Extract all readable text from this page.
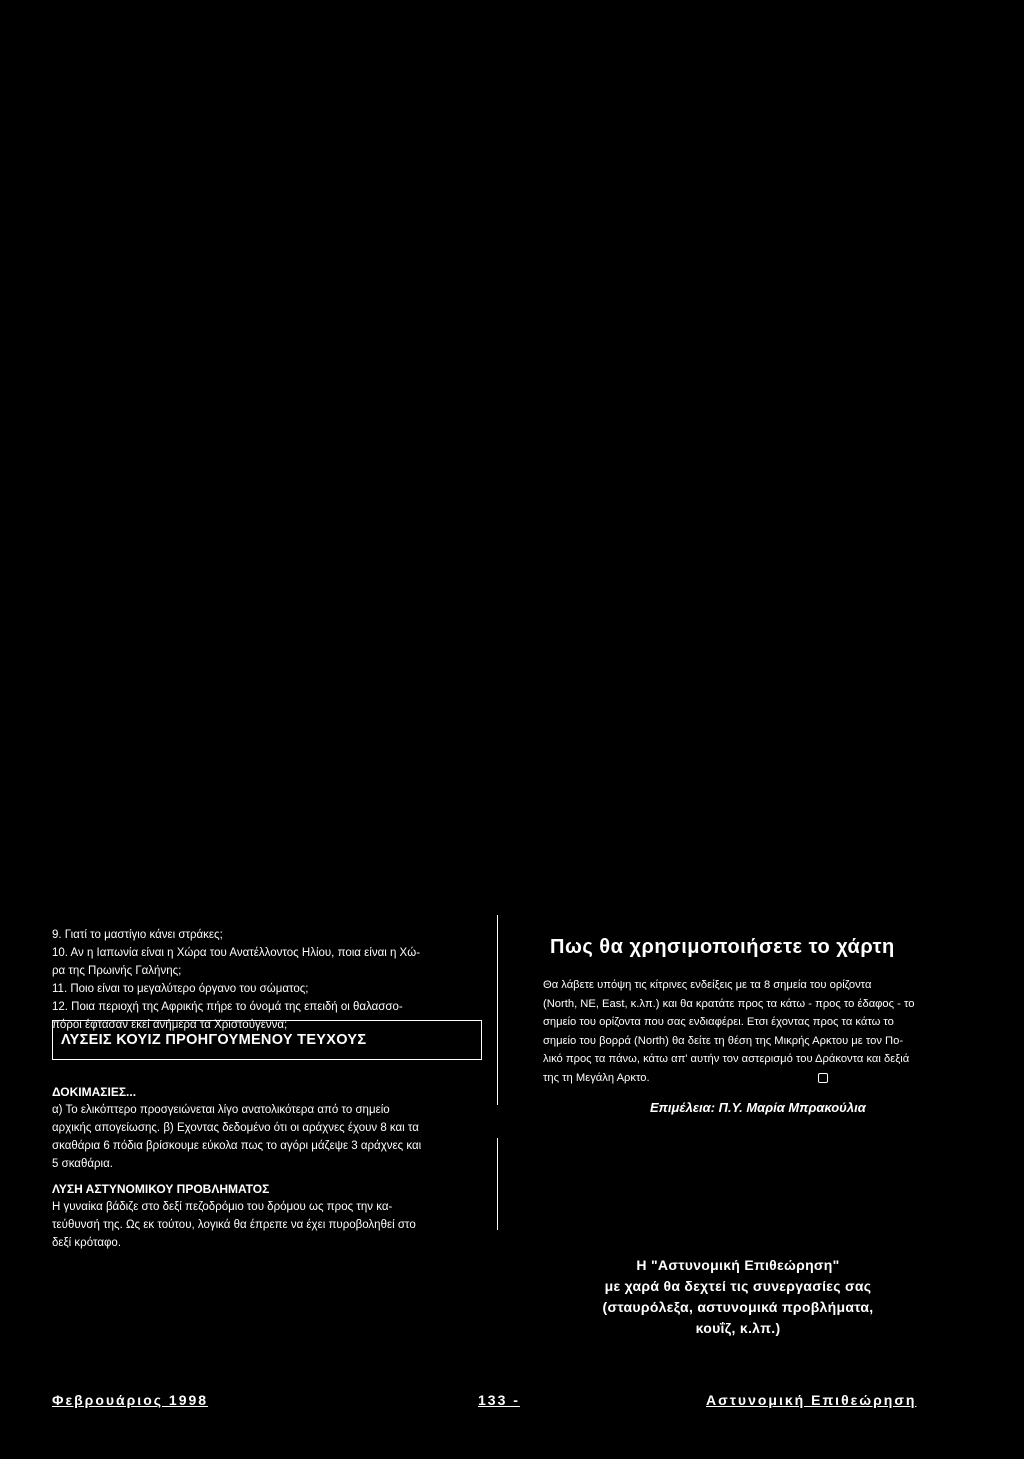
9. Γιατί το μαστίγιο κάνει στράκες;

10. Αν η Ιαπωνία είναι η Χώρα του Ανατέλλοντος Ηλίου, ποια είναι η Χώ-

ρα της Πρωινής Γαλήνης;

11. Ποιο είναι το μεγαλύτερο όργανο του σώματος;

12. Ποια περιοχή της Αφρικής πήρε το όνομά της επειδή οι θαλασσο-

πόροι έφτασαν εκεί ανήμερα τα Χριστούγεννα;

ΛΥΣΕΙΣ ΚΟΥΙΖ ΠΡΟΗΓΟΥΜΕΝΟΥ ΤΕΥΧΟΥΣ

ΔΟΚΙΜΑΣΙΕΣ...

α) Το ελικόπτερο προσγειώνεται λίγο ανατολικότερα από το σημείο

αρχικής απογείωσης. β) Εχοντας δεδομένο ότι οι αράχνες έχουν 8 και τα

σκαθάρια 6 πόδια βρίσκουμε εύκολα πως το αγόρι μάζεψε 3 αράχνες και

5 σκαθάρια.

ΛΥΣΗ ΑΣΤΥΝΟΜΙΚΟΥ ΠΡΟΒΛΗΜΑΤΟΣ

Η γυναίκα βάδιζε στο δεξί πεζοδρόμιο του δρόμου ως προς την κα-

τεύθυνσή της. Ως εκ τούτου, λογικά θα έπρεπε να έχει πυροβοληθεί στο

δεξί κρόταφο.

Πως θα χρησιμοποιήσετε το χάρτη

Θα λάβετε υπόψη τις κίτρινες ενδείξεις με τα 8 σημεία του ορίζοντα

(North, NE, East, κ.λπ.) και θα κρατάτε προς τα κάτω - προς το έδαφος - το

σημείο του ορίζοντα που σας ενδιαφέρει. Ετσι έχοντας προς τα κάτω το

σημείο του βορρά (North) θα δείτε τη θέση της Μικρής Αρκτου με τον Πο-

λικό προς τα πάνω, κάτω απ' αυτήν τον αστερισμό του Δράκοντα και δεξιά

της τη Μεγάλη Αρκτο.

Επιμέλεια: Π.Υ. Μαρία Μπρακούλια
Η "Αστυνομική Επιθεώρηση"
με χαρά θα δεχτεί τις συνεργασίες σας
(σταυρόλεξα, αστυνομικά προβλήματα,
κουΐζ, κ.λπ.)
Φεβρουάριος 1998	133 -	Αστυνομική Επιθεώρηση
